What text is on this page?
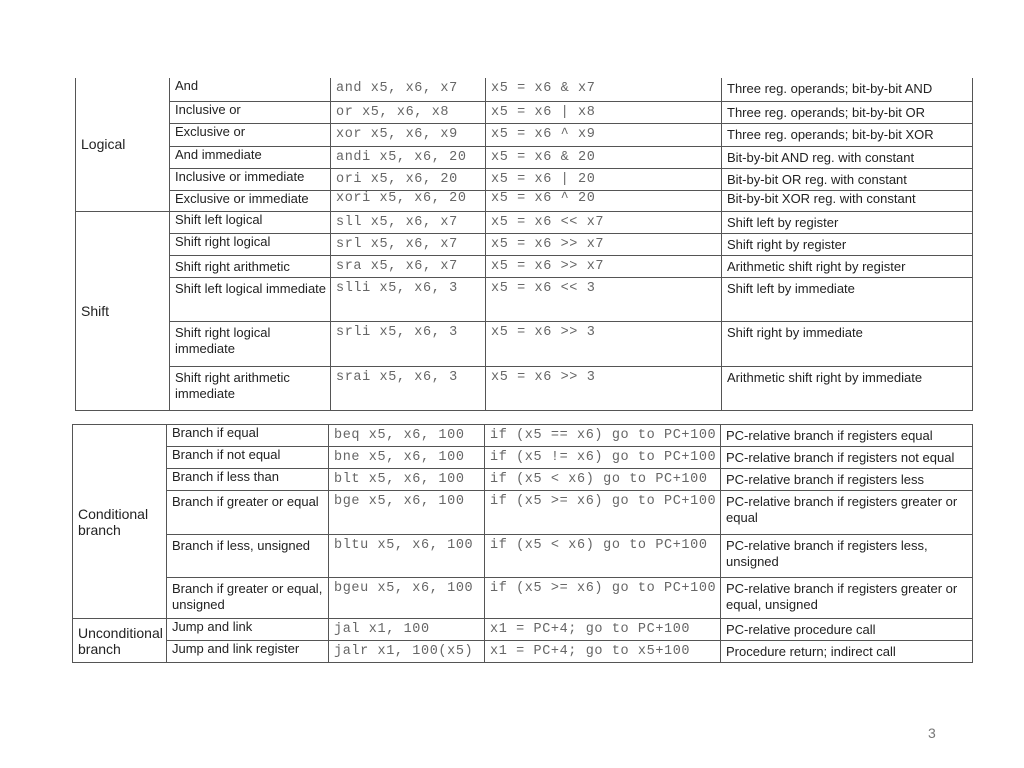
Logical	And	and x5, x6, x7	x5 = x6 & x7	Three reg. operands; bit-by-bit AND
	Inclusive or	or x5, x6, x8	x5 = x6 | x8	Three reg. operands; bit-by-bit OR
	Exclusive or	xor x5, x6, x9	x5 = x6 ^ x9	Three reg. operands; bit-by-bit XOR
	And immediate	andi x5, x6, 20	x5 = x6 & 20	Bit-by-bit AND reg. with constant
	Inclusive or immediate	ori x5, x6, 20	x5 = x6 | 20	Bit-by-bit OR reg. with constant
	Exclusive or immediate	xori x5, x6, 20	x5 = x6 ^ 20	Bit-by-bit XOR reg. with constant
Shift	Shift left logical	sll x5, x6, x7	x5 = x6 << x7	Shift left by register
	Shift right logical	srl x5, x6, x7	x5 = x6 >> x7	Shift right by register
	Shift right arithmetic	sra x5, x6, x7	x5 = x6 >> x7	Arithmetic shift right by register
	Shift left logical immediate	slli x5, x6, 3	x5 = x6 << 3	Shift left by immediate
	Shift right logical immediate	srli x5, x6, 3	x5 = x6 >> 3	Shift right by immediate
	Shift right arithmetic immediate	srai x5, x6, 3	x5 = x6 >> 3	Arithmetic shift right by immediate
Conditional branch	Branch if equal	beq x5, x6, 100	if (x5 == x6) go to PC+100	PC-relative branch if registers equal
	Branch if not equal	bne x5, x6, 100	if (x5 != x6) go to PC+100	PC-relative branch if registers not equal
	Branch if less than	blt x5, x6, 100	if (x5 < x6) go to PC+100	PC-relative branch if registers less
	Branch if greater or equal	bge x5, x6, 100	if (x5 >= x6) go to PC+100	PC-relative branch if registers greater or equal
	Branch if less, unsigned	bltu x5, x6, 100	if (x5 < x6) go to PC+100	PC-relative branch if registers less, unsigned
	Branch if greater or equal, unsigned	bgeu x5, x6, 100	if (x5 >= x6) go to PC+100	PC-relative branch if registers greater or equal, unsigned
Unconditional branch	Jump and link	jal x1, 100	x1 = PC+4; go to PC+100	PC-relative procedure call
	Jump and link register	jalr x1, 100(x5)	x1 = PC+4; go to x5+100	Procedure return; indirect call
3
